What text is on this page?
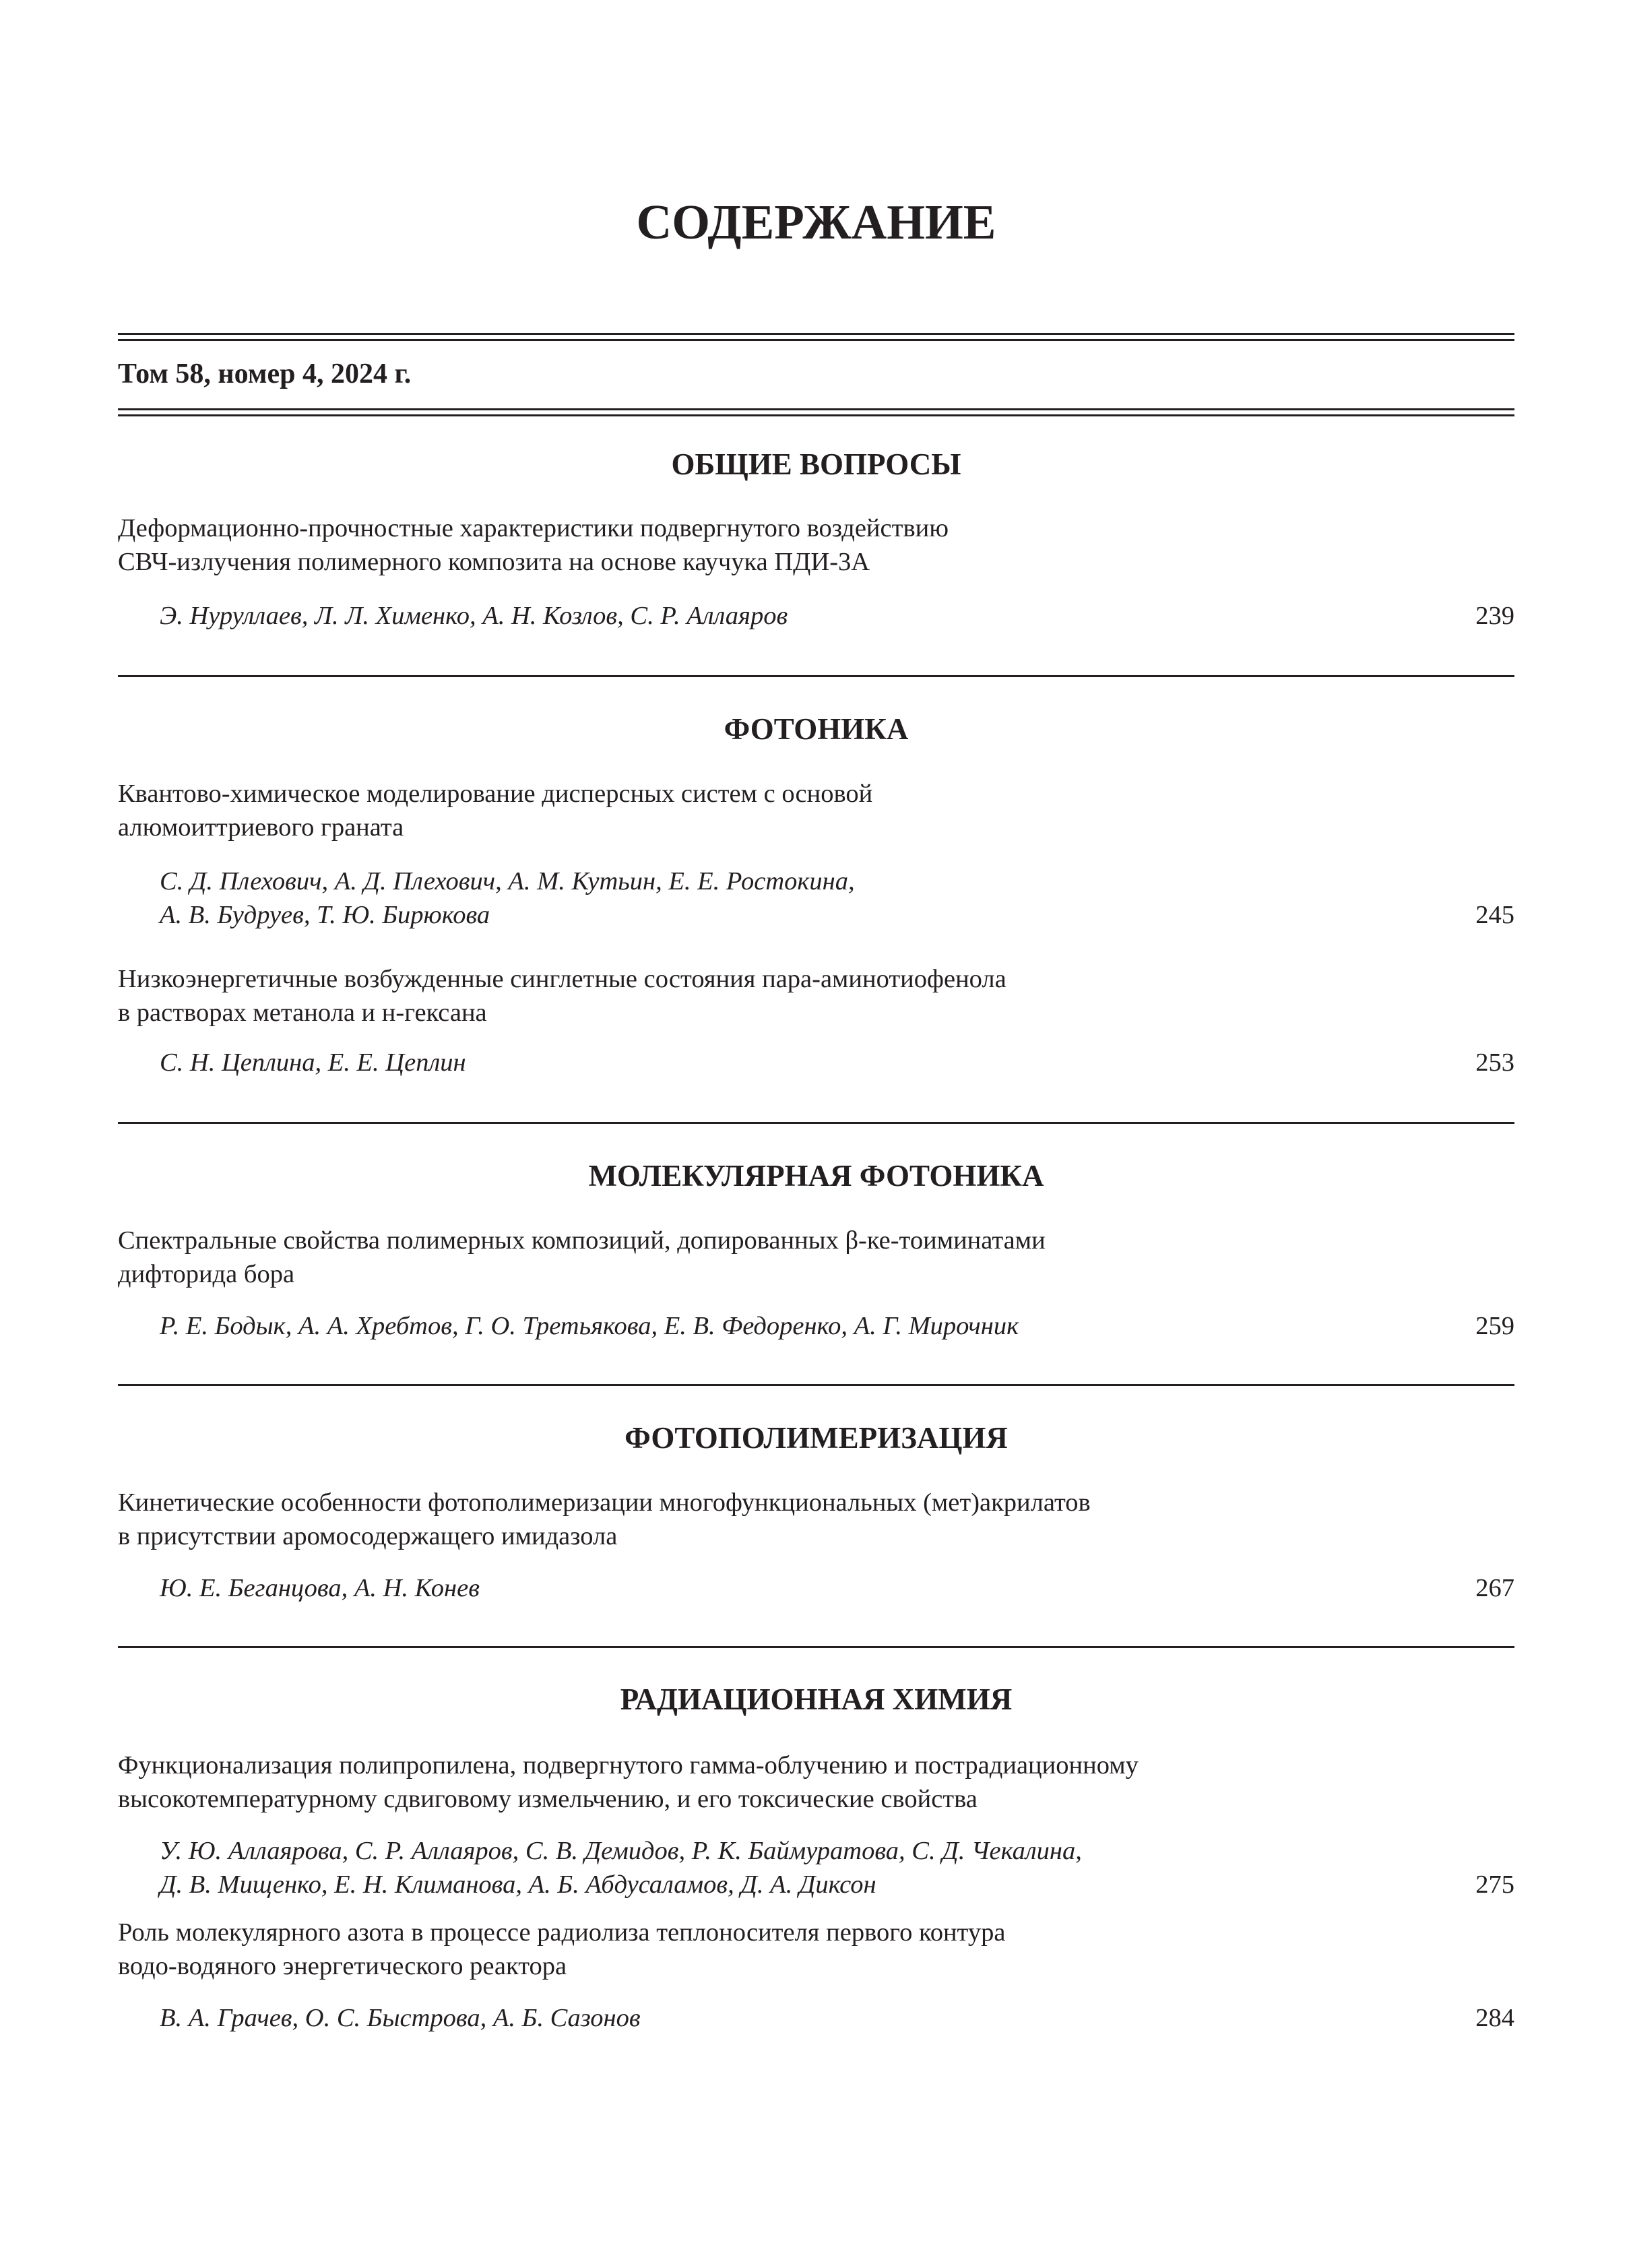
СОДЕРЖАНИЕ
Том 58, номер 4, 2024 г.
ОБЩИЕ ВОПРОСЫ

Деформационно-прочностные характеристики подвергнутого воздействию
СВЧ-излучения полимерного композита на основе каучука ПДИ-3А

Э. Нуруллаев, Л. Л. Хименко, А. Н. Козлов, С. Р. Аллаяров	239
ФОТОНИКА

Квантово-химическое моделирование дисперсных систем с основой
алюмоиттриевого граната

С. Д. Плехович, А. Д. Плехович, А. М. Кутьин, Е. Е. Ростокина,
А. В. Будруев, Т. Ю. Бирюкова	245

Низкоэнергетичные возбужденные синглетные состояния пара-аминотиофенола
в растворах метанола и н-гексана

С. Н. Цеплина, Е. Е. Цеплин	253
МОЛЕКУЛЯРНАЯ ФОТОНИКА

Спектральные свойства полимерных композиций, допированных β-ке-тоиминатами
дифторида бора

Р. Е. Бодык, А. А. Хребтов, Г. О. Третьякова, Е. В. Федоренко, А. Г. Мирочник	259
ФОТОПОЛИМЕРИЗАЦИЯ

Кинетические особенности фотополимеризации многофункциональных (мет)акрилатов
в присутствии аромосодержащего имидазола

Ю. Е. Беганцова, А. Н. Конев	267
РАДИАЦИОННАЯ ХИМИЯ

Функционализация полипропилена, подвергнутого гамма-облучению и пострадиационному
высокотемпературному сдвиговому измельчению, и его токсические свойства

У. Ю. Аллаярова, С. Р. Аллаяров, С. В. Демидов, Р. К. Баймуратова, С. Д. Чекалина,
Д. В. Мищенко, Е. Н. Климанова, А. Б. Абдусаламов, Д. А. Диксон	275

Роль молекулярного азота в процессе радиолиза теплоносителя первого контура
водо-водяного энергетического реактора

В. А. Грачев, О. С. Быстрова, А. Б. Сазонов	284
